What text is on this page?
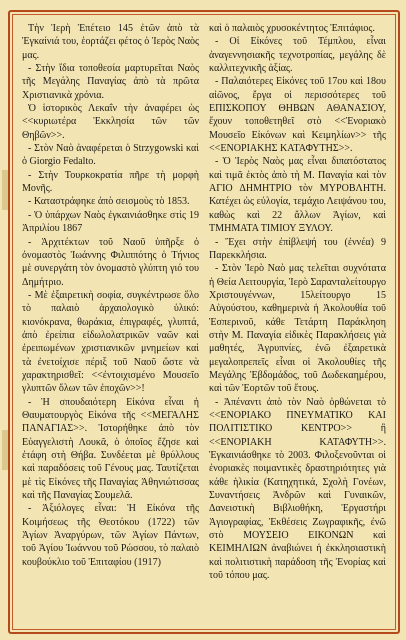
Τὴν Ἱερὴ Ἐπέτειο 145 ἐτῶν ἀπὸ τὰ Ἐγκαίνιά του, ἑορτάζει φέτος ὁ Ἱερὸς Ναὸς μας.

- Στὴν ἴδια τοποθεσία μαρτυρεῖται Ναὸς τῆς Μεγάλης Παναγίας ἀπὸ τὰ πρῶτα Χριστιανικὰ χρόνια.

Ὁ ἱστορικὸς Λεκαΐν τὴν ἀναφέρει ὡς <<κυριωτέρα Ἐκκλησία τῶν τῶν Θηβῶν>>.

- Στὸν Ναὸ ἀναφέρεται ὁ Strzygowski καὶ ὁ Giorgio Fedalto.

- Στὴν Τουρκοκρατία πῆρε τὴ μορφὴ Μονῆς.

- Καταστράφηκε ἀπὸ σεισμοὺς τὸ 1853.

- Ὁ ὑπάρχων Ναὸς ἐγκαινιάσθηκε στὶς 19 Ἀπριλίου 1867

- Ἀρχιτέκτων τοῦ Ναοῦ ὑπῆρξε ὁ ὀνομαστὸς Ἰωάννης Φιλιππότης ὁ Τήνιος μὲ συνεργάτη τὸν ὀνομαστὸ γλύπτη γιό του Δημήτριο.

- Μὲ ἐξαιρετικὴ σοφία, συγκέντρωσε ὅλο τὸ παλαιὸ ἀρχαιολογικὸ ὑλικό: κιονόκρανα, θωράκια, ἐπιγραφές, γλυπτά, ἀπὸ ἐρείπια εἰδωλολατρικῶν ναῶν καὶ ἐρειπωμένων χριστιανικῶν μνημείων καὶ τὰ ἐνετοίχισε πέριξ τοῦ Ναοῦ ὥστε νὰ χαρακτηρισθεῖ: <<ἐντοιχισμένο Μουσεῖο γλυπτῶν ὅλων τῶν ἐποχῶν>>!

- Ἡ σπουδαιότερη Εἰκόνα εἶναι ἡ Θαυματουργὸς Εἰκόνα τῆς <<ΜΕΓΑΛΗΣ ΠΑΝΑΓΙΑΣ>>. Ἱστορήθηκε ἀπὸ τὸν Εὐαγγελιστὴ Λουκᾶ, ὁ ὁποῖος ἔζησε καὶ ἐτάφη στὴ Θήβα. Συνδέεται μὲ θρύλλους καὶ παραδόσεις τοῦ Γένους μας. Ταυτίζεται μὲ τὶς Εἰκόνες τῆς Παναγίας Ἀθηνιώτισσας καὶ τῆς Παναγίας Σουμελᾶ.

- Ἀξιόλογες εἶναι: Ἡ Εἰκόνα τῆς Κοιμήσεως τῆς Θεοτόκου (1722) τῶν Ἁγίων Ἀναργύρων, τῶν Ἁγίων Πάντων, τοῦ Ἁγίου Ἰωάννου τοῦ Ρώσσου, τὸ παλαιὸ κουβούκλιο τοῦ Ἐπιταφίου (1917)

καὶ ὁ παλαιὸς χρυσοκέντητος Ἐπιτάφιος.

- Οἱ Εἰκόνες τοῦ Τέμπλου, εἶναι ἀναγεννησιακῆς τεχνοτροπίας, μεγάλης δὲ καλλιτεχνικῆς ἀξίας.

- Παλαιότερες Εἰκόνες τοῦ 17ου καὶ 18ου αἰῶνος, ἔργα οἱ περισσότερες τοῦ ΕΠΙΣΚΟΠΟΥ ΘΗΒΩΝ ΑΘΑΝΑΣΙΟΥ, ἔχουν τοποθετηθεῖ στὸ <<Ἐνοριακὸ Μουσεῖο Εἰκόνων καὶ Κειμηλίων>> τῆς <<ΕΝΟΡΙΑΚΗΣ ΚΑΤΑΦΥΤΗΣ>>.

- Ὁ Ἱερὸς Ναὸς μας εἶναι διπατόστατος καὶ τιμᾶ ἐκτὸς ἀπὸ τὴ Μ. Παναγία καὶ τὸν ΑΓΙΟ ΔΗΜΗΤΡΙΟ τὸν ΜΥΡΟΒΛΗΤΗ. Κατέχει ὡς εὐλογία, τεμάχιο Λειψάνου του, καθὼς καὶ 22 ἄλλων Ἁγίων, καὶ ΤΜΗΜΑΤΑ ΤΙΜΙΟΥ ΞΥΛΟΥ.

- Ἔχει στὴν ἐπίβλεψή του (ἐννέα) 9 Παρεκκλήσια.

- Στὸν Ἱερὸ Ναὸ μας τελεῖται συχνότατα ἡ Θεία Λειτουργία, Ἱερὸ Σαρανταλείτουργο Χριστουγέννων, 15λείτουργο 15 Αὐγούστου, καθημερινὰ ἡ Ἀκολουθία τοῦ Ἑσπερινοῦ, κάθε Τετάρτη Παράκληση στὴν Μ. Παναγία εἰδικὲς Παρακλήσεις γιὰ μαθητές, Ἀγρυπνίες, ἐνῶ ἐξαιρετικὰ μεγαλοπρεπεῖς εἶναι οἱ Ἀκολουθίες τῆς Μεγάλης Ἑβδομάδος, τοῦ Δωδεκαημέρου, καὶ τῶν Ἑορτῶν τοῦ ἔτους.

- Ἀπέναντι ἀπὸ τὸν Ναὸ ὀρθώνεται τὸ <<ΕΝΟΡΙΑΚΟ ΠΝΕΥΜΑΤΙΚΟ ΚΑΙ ΠΟΛΙΤΙΣΤΙΚΟ ΚΕΝΤΡΟ>> ἢ <<ΕΝΟΡΙΑΚΗ ΚΑΤΑΦΥΤΗ>>. Ἐγκαινιάσθηκε τὸ 2003. Φιλοξενοῦνται οἱ ἐνοριακὲς ποιμαντικὲς δραστηριότητες γιὰ κάθε ἡλικία (Κατηχητικά, Σχολὴ Γονέων, Συναντήσεις Ἀνδρῶν καὶ Γυναικῶν, Δανειστικὴ Βιβλιοθήκη, Ἐργαστήρι Ἁγιογραφίας, Ἐκθέσεις Ζωγραφικῆς, ἐνῶ στὸ ΜΟΥΣΕΙΟ ΕΙΚΟΝΩΝ καὶ ΚΕΙΜΗΛΙΩΝ ἀναβιώνει ἡ ἐκκλησιαστικὴ καὶ πολιτιστικὴ παράδοση τῆς Ἐνορίας καὶ τοῦ τόπου μας.
